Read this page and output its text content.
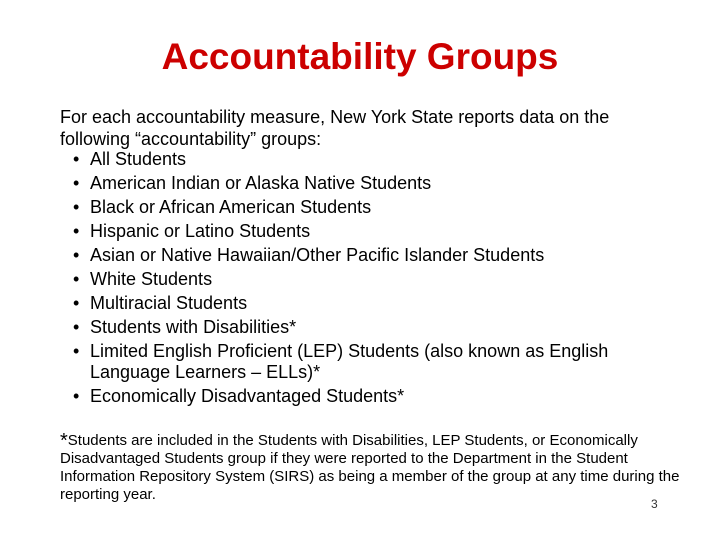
Accountability Groups
For each accountability measure, New York State reports data on the following “accountability” groups:
• All Students
• American Indian or Alaska Native Students
• Black or African American Students
• Hispanic or Latino Students
• Asian or Native Hawaiian/Other Pacific Islander Students
• White Students
• Multiracial Students
• Students with Disabilities*
• Limited English Proficient (LEP) Students (also known as English Language Learners – ELLs)*
• Economically Disadvantaged Students*
*Students are included in the Students with Disabilities, LEP Students, or Economically Disadvantaged Students group if they were reported to the Department in the Student Information Repository System (SIRS) as being a member of the group at any time during the reporting year.
3
